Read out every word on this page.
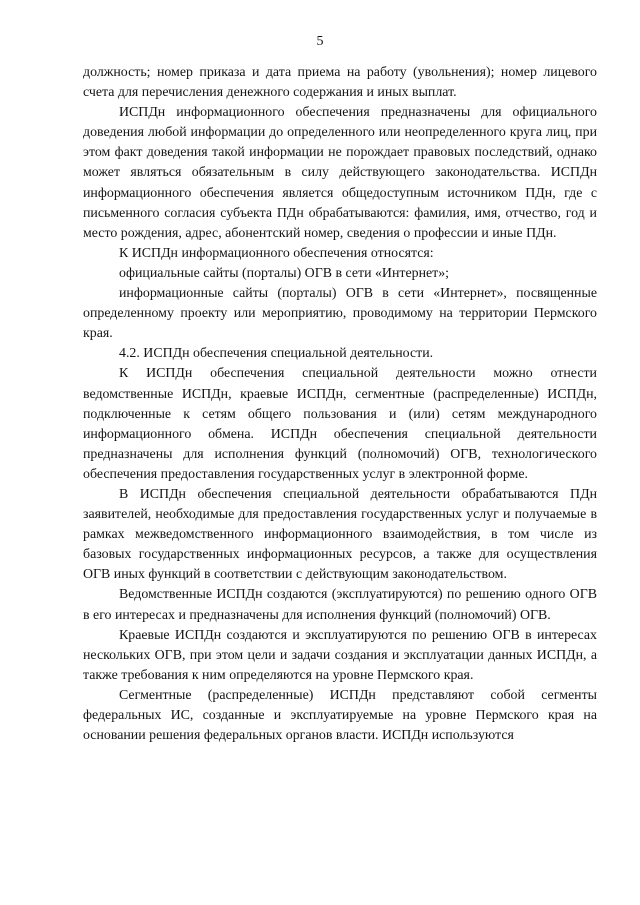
5

должность; номер приказа и дата приема на работу (увольнения); номер лицевого счета для перечисления денежного содержания и иных выплат.

ИСПДн информационного обеспечения предназначены для официального доведения любой информации до определенного или неопределенного круга лиц, при этом факт доведения такой информации не порождает правовых последствий, однако может являться обязательным в силу действующего законодательства. ИСПДн информационного обеспечения является общедоступным источником ПДн, где с письменного согласия субъекта ПДн обрабатываются: фамилия, имя, отчество, год и место рождения, адрес, абонентский номер, сведения о профессии и иные ПДн.

К ИСПДн информационного обеспечения относятся:

официальные сайты (порталы) ОГВ в сети «Интернет»;

информационные сайты (порталы) ОГВ в сети «Интернет», посвященные определенному проекту или мероприятию, проводимому на территории Пермского края.

4.2. ИСПДн обеспечения специальной деятельности.

К ИСПДн обеспечения специальной деятельности можно отнести ведомственные ИСПДн, краевые ИСПДн, сегментные (распределенные) ИСПДн, подключенные к сетям общего пользования и (или) сетям международного информационного обмена. ИСПДн обеспечения специальной деятельности предназначены для исполнения функций (полномочий) ОГВ, технологического обеспечения предоставления государственных услуг в электронной форме.

В ИСПДн обеспечения специальной деятельности обрабатываются ПДн заявителей, необходимые для предоставления государственных услуг и получаемые в рамках межведомственного информационного взаимодействия, в том числе из базовых государственных информационных ресурсов, а также для осуществления ОГВ иных функций в соответствии с действующим законодательством.

Ведомственные ИСПДн создаются (эксплуатируются) по решению одного ОГВ в его интересах и предназначены для исполнения функций (полномочий) ОГВ.

Краевые ИСПДн создаются и эксплуатируются по решению ОГВ в интересах нескольких ОГВ, при этом цели и задачи создания и эксплуатации данных ИСПДн, а также требования к ним определяются на уровне Пермского края.

Сегментные (распределенные) ИСПДн представляют собой сегменты федеральных ИС, созданные и эксплуатируемые на уровне Пермского края на основании решения федеральных органов власти. ИСПДн используются
